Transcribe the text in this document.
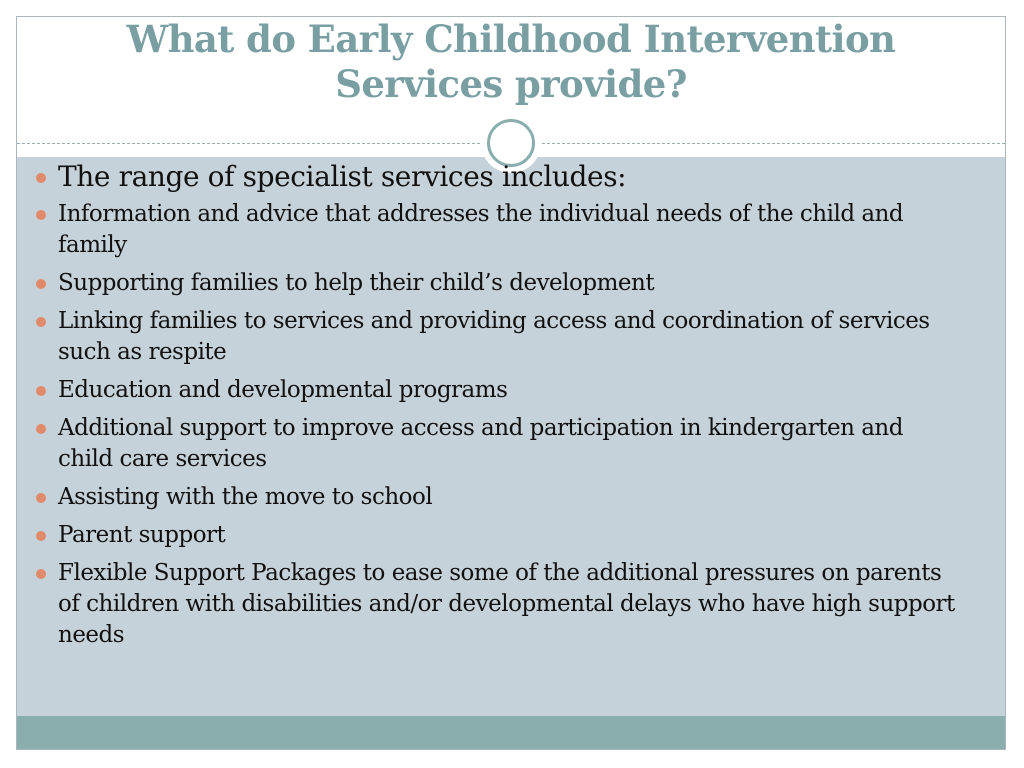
What do Early Childhood Intervention
Services provide?
The range of specialist services includes:
Information and advice that addresses the individual needs of the child and family
Supporting families to help their child’s development
Linking families to services and providing access and coordination of services such as respite
Education and developmental programs
Additional support to improve access and participation in kindergarten and child care services
Assisting with the move to school
Parent support
Flexible Support Packages to ease some of the additional pressures on parents of children with disabilities and/or developmental delays who have high support needs
